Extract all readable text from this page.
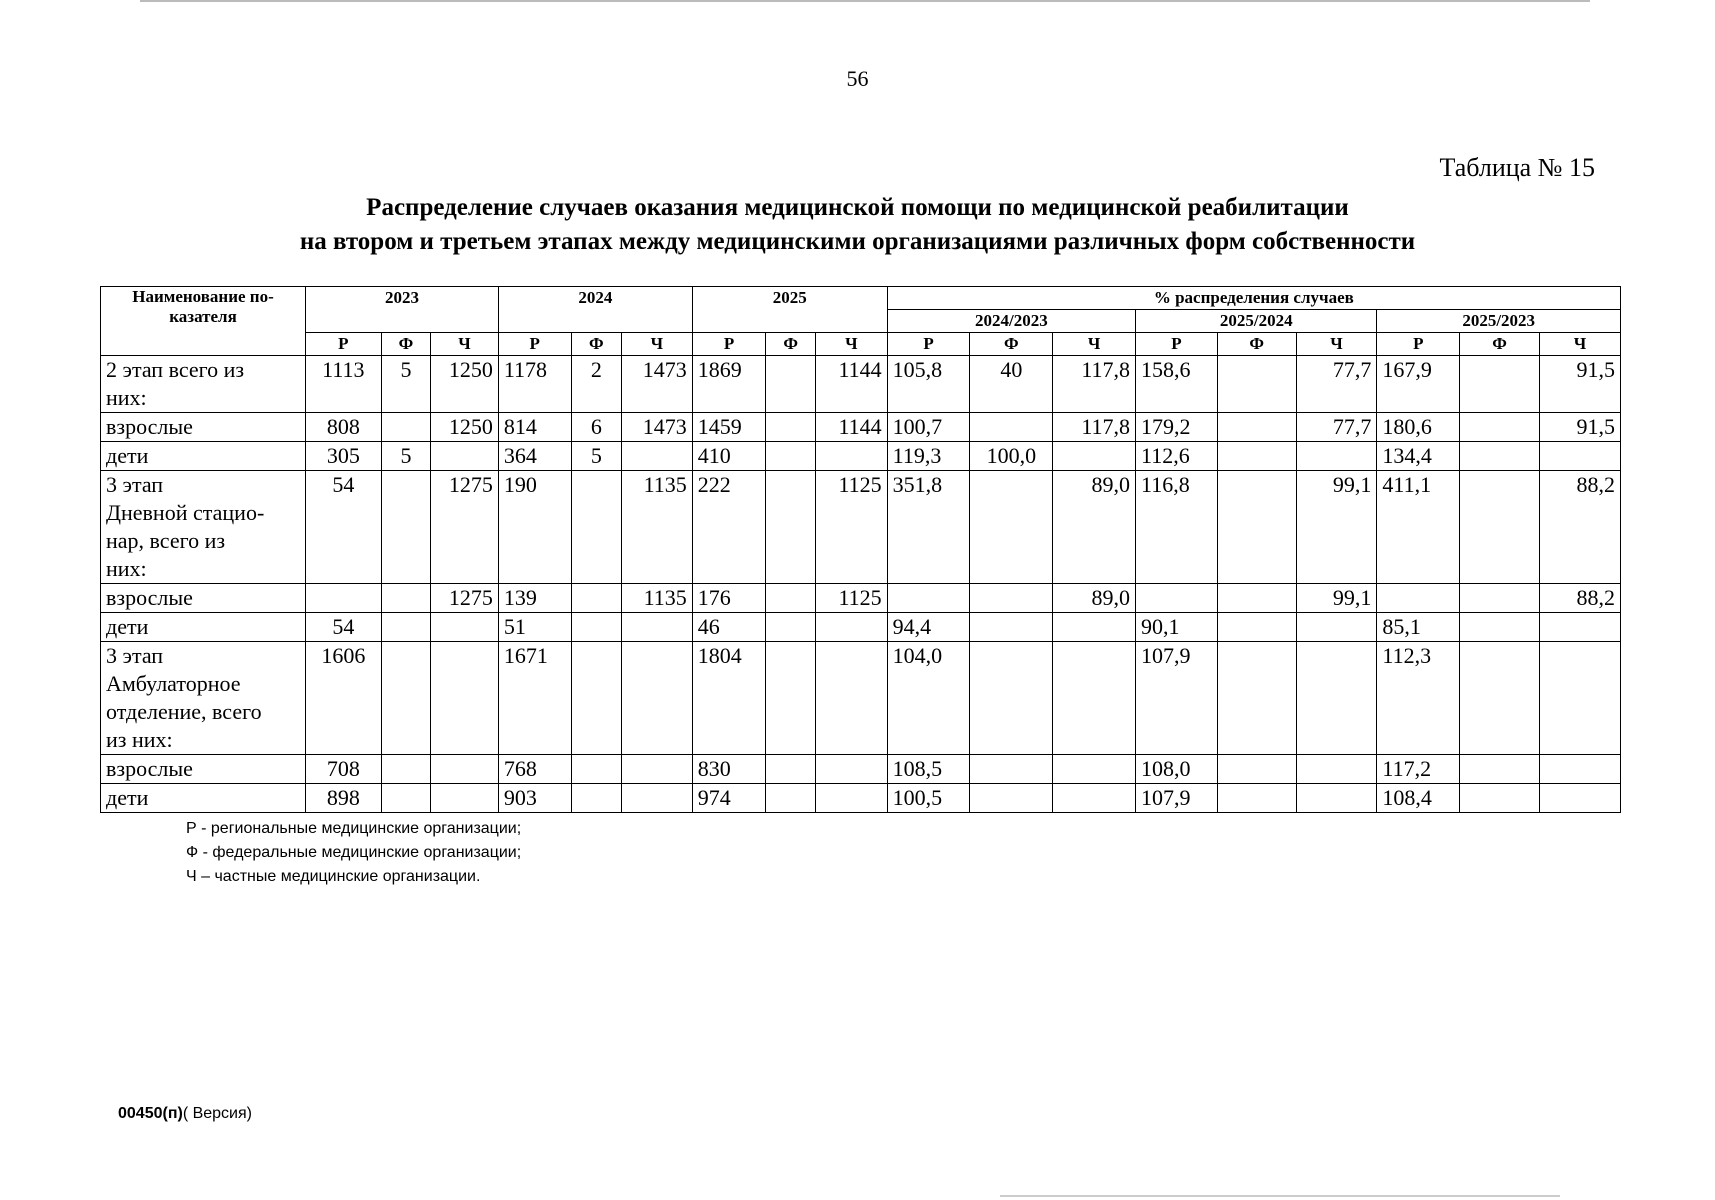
56
Таблица № 15
Распределение случаев оказания медицинской помощи по медицинской реабилитации
на втором и третьем этапах между медицинскими организациями различных форм собственности
Наименование по-
казателя	2023			2024			2025			% распределения случаев								
										2024/2023			2025/2024			2025/2023		
	Р	Ф	Ч	Р	Ф	Ч	Р	Ф	Ч	Р	Ф	Ч	Р	Ф	Ч	Р	Ф	Ч
2 этап всего из
них:	1113	5	1250	1178	2	1473	1869		1144	105,8	40	117,8	158,6		77,7	167,9		91,5
взрослые	808		1250	814	6	1473	1459		1144	100,7		117,8	179,2		77,7	180,6		91,5
дети	305	5		364	5		410			119,3	100,0		112,6			134,4		
3 этап
Дневной стацио-
нар, всего из
них:	54		1275	190		1135	222		1125	351,8		89,0	116,8		99,1	411,1		88,2
взрослые			1275	139		1135	176		1125			89,0			99,1			88,2
дети	54			51			46			94,4			90,1			85,1		
3 этап
Амбулаторное
отделение, всего
из них:	1606			1671			1804			104,0			107,9			112,3		
взрослые	708			768			830			108,5			108,0			117,2		
дети	898			903			974			100,5			107,9			108,4		
Р - региональные медицинские организации;
Ф - федеральные медицинские организации;
Ч – частные медицинские организации.
00450(п)( Версия)
